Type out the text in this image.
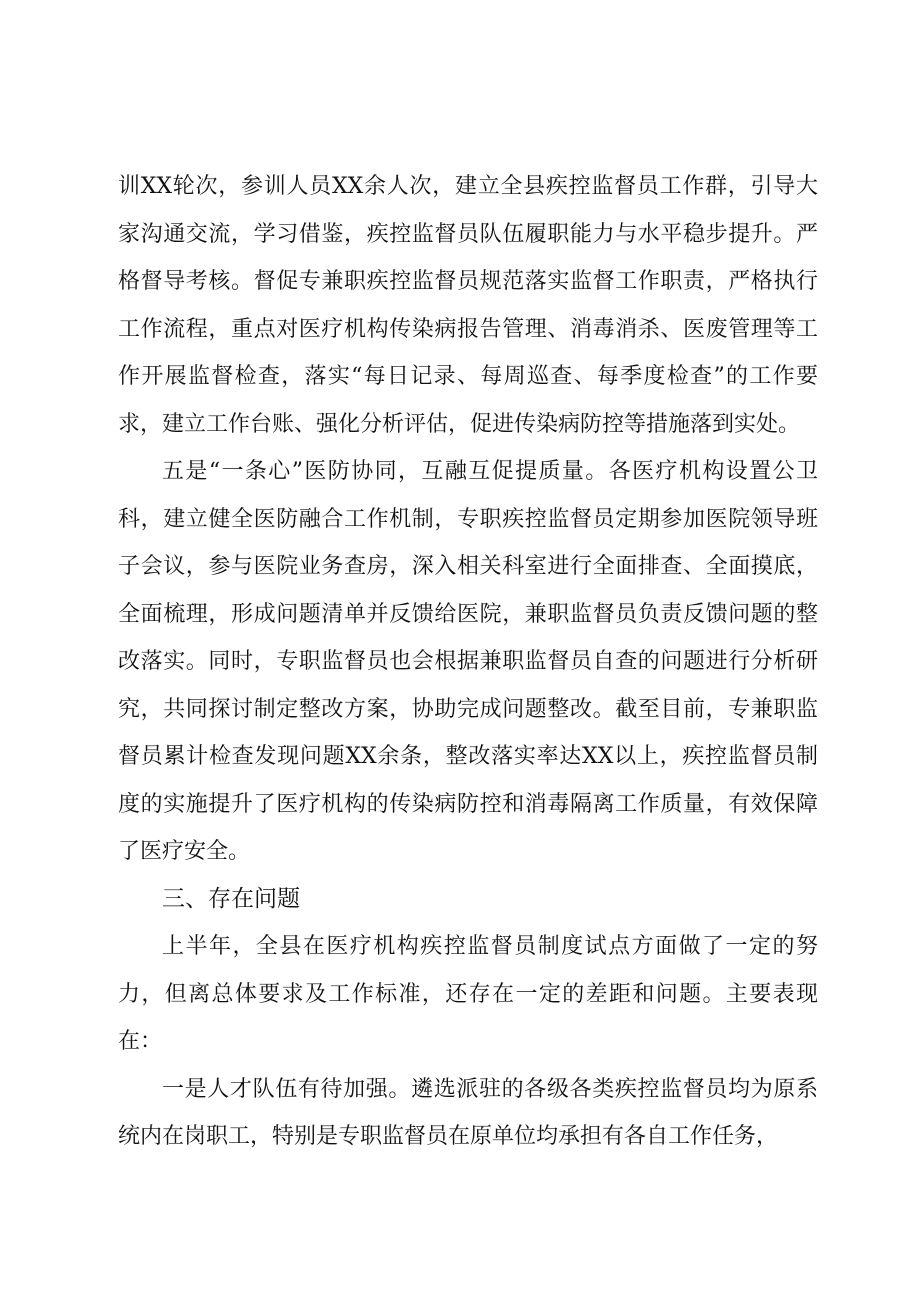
训XX轮次，参训人员XX余人次，建立全县疾控监督员工作群，引导大家沟通交流，学习借鉴，疾控监督员队伍履职能力与水平稳步提升。严格督导考核。督促专兼职疾控监督员规范落实监督工作职责，严格执行工作流程，重点对医疗机构传染病报告管理、消毒消杀、医废管理等工作开展监督检查，落实“每日记录、每周巡查、每季度检查”的工作要求，建立工作台账、强化分析评估，促进传染病防控等措施落到实处。

五是“一条心”医防协同，互融互促提质量。各医疗机构设置公卫科，建立健全医防融合工作机制，专职疾控监督员定期参加医院领导班子会议，参与医院业务查房，深入相关科室进行全面排查、全面摸底，全面梳理，形成问题清单并反馈给医院，兼职监督员负责反馈问题的整改落实。同时，专职监督员也会根据兼职监督员自查的问题进行分析研究，共同探讨制定整改方案，协助完成问题整改。截至目前，专兼职监督员累计检查发现问题XX余条，整改落实率达XX以上，疾控监督员制度的实施提升了医疗机构的传染病防控和消毒隔离工作质量，有效保障了医疗安全。

三、存在问题

上半年，全县在医疗机构疾控监督员制度试点方面做了一定的努力，但离总体要求及工作标准，还存在一定的差距和问题。主要表现在：

一是人才队伍有待加强。遴选派驻的各级各类疾控监督员均为原系统内在岗职工，特别是专职监督员在原单位均承担有各自工作任务，
